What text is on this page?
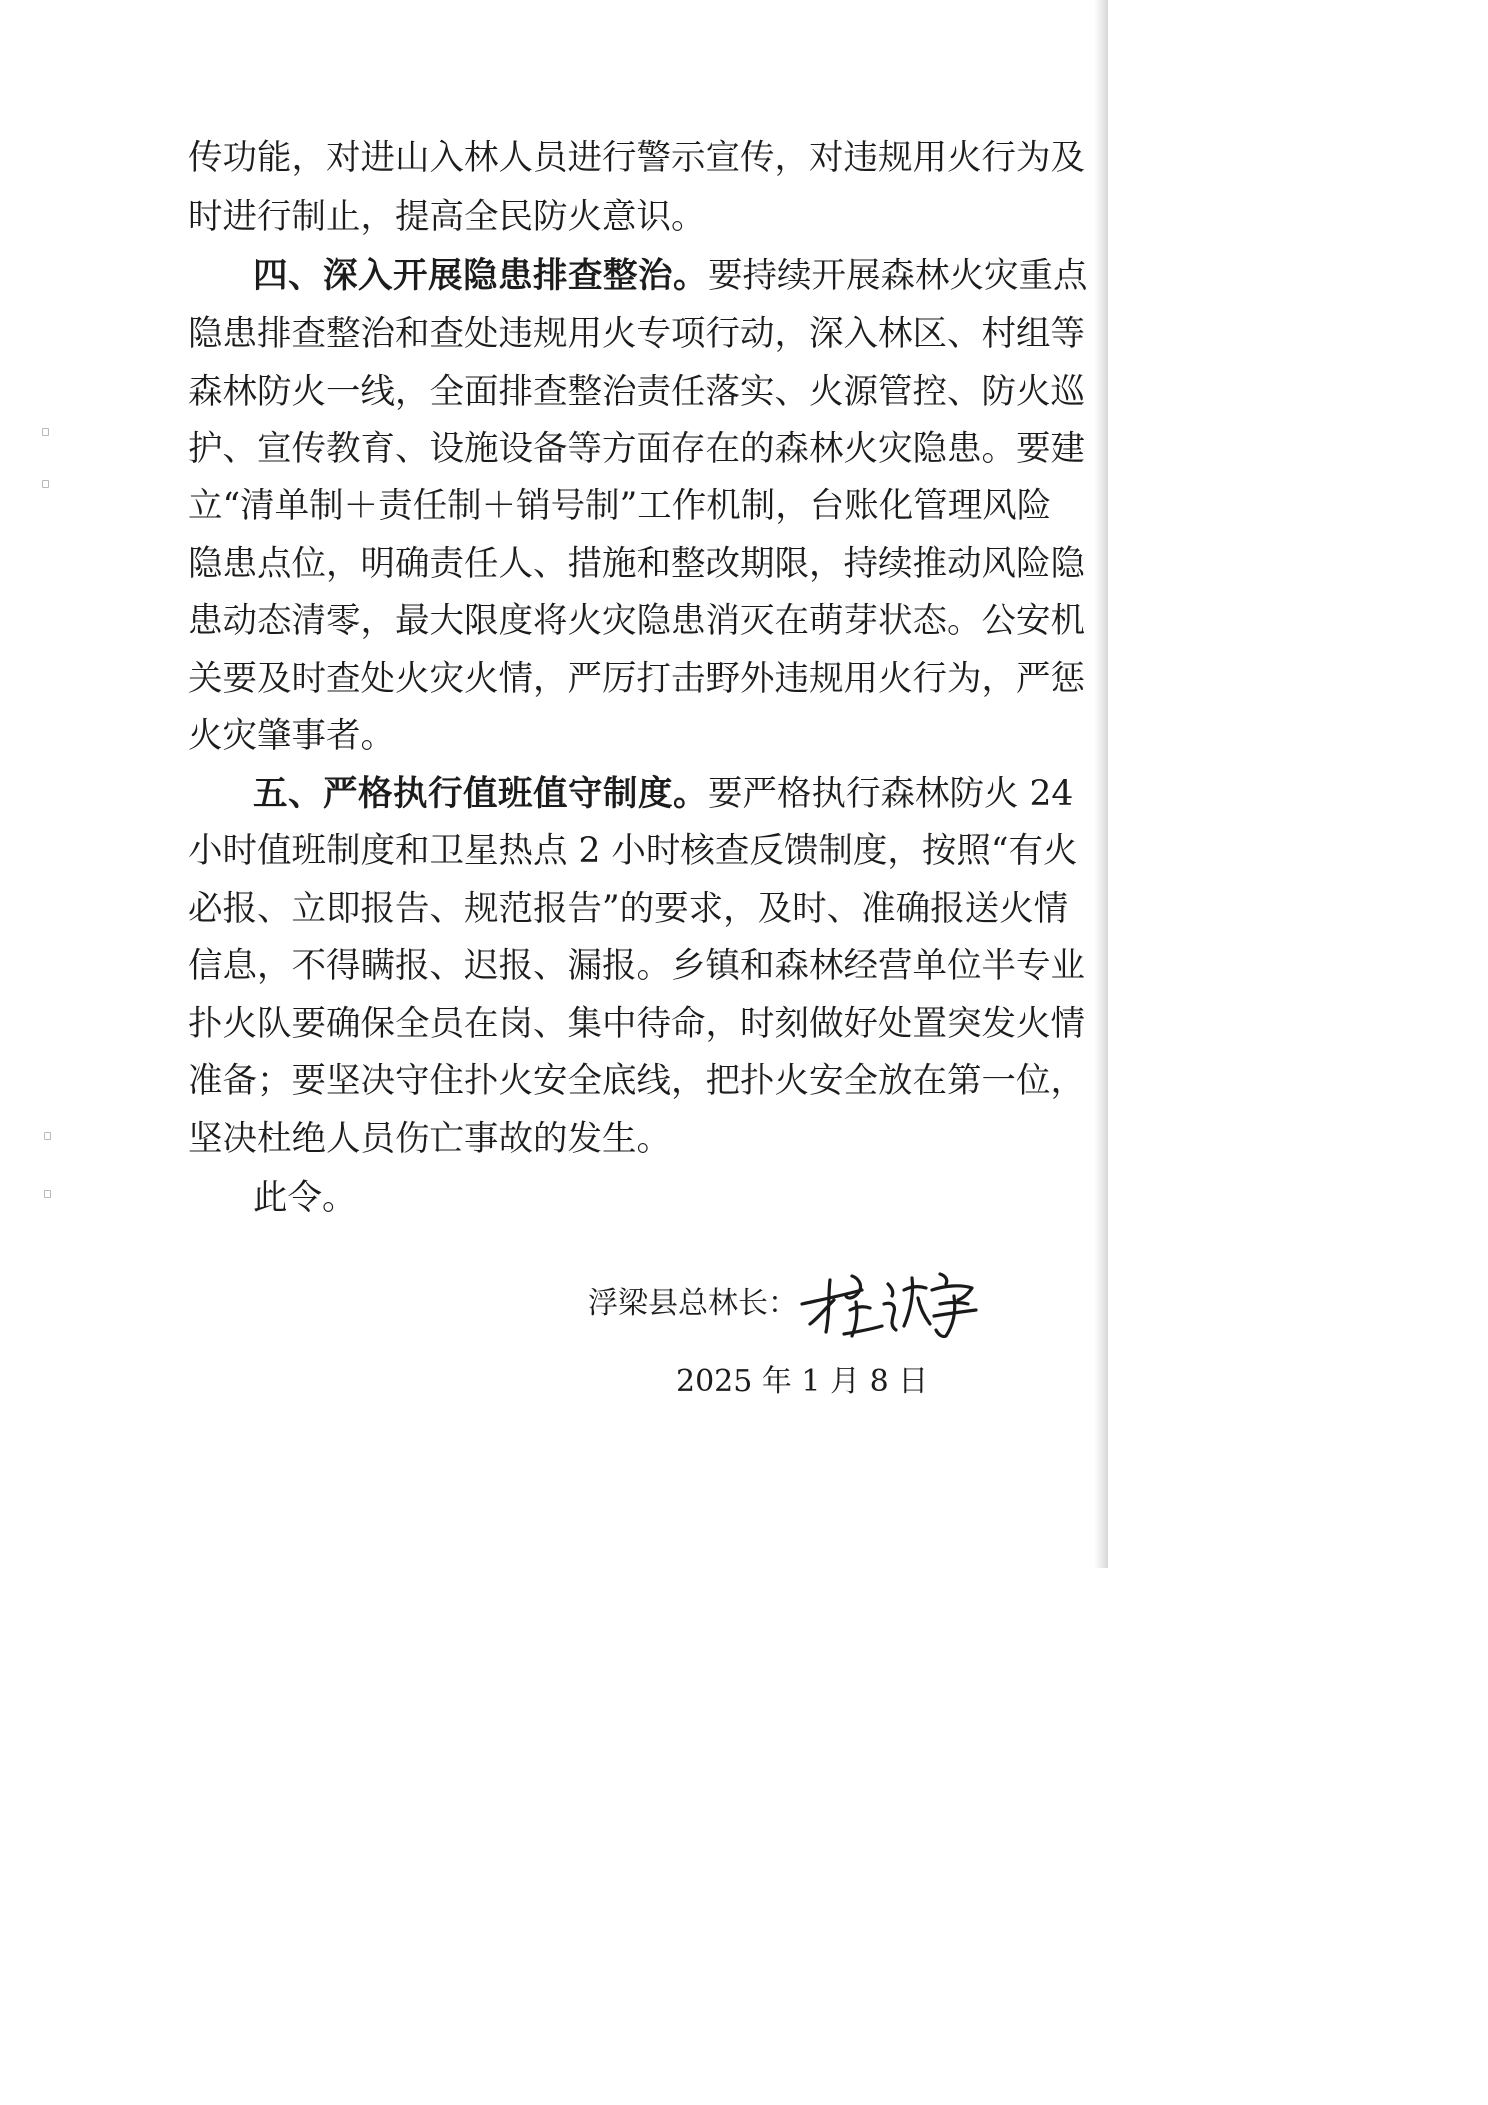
传功能，对进山入林人员进行警示宣传，对违规用火行为及
时进行制止，提高全民防火意识。
四、深入开展隐患排查整治。要持续开展森林火灾重点
隐患排查整治和查处违规用火专项行动，深入林区、村组等
森林防火一线，全面排查整治责任落实、火源管控、防火巡
护、宣传教育、设施设备等方面存在的森林火灾隐患。要建
立“清单制＋责任制＋销号制”工作机制，台账化管理风险
隐患点位，明确责任人、措施和整改期限，持续推动风险隐
患动态清零，最大限度将火灾隐患消灭在萌芽状态。公安机
关要及时查处火灾火情，严厉打击野外违规用火行为，严惩
火灾肇事者。
五、严格执行值班值守制度。要严格执行森林防火 24
小时值班制度和卫星热点 2 小时核查反馈制度，按照“有火
必报、立即报告、规范报告”的要求，及时、准确报送火情
信息，不得瞒报、迟报、漏报。乡镇和森林经营单位半专业
扑火队要确保全员在岗、集中待命，时刻做好处置突发火情
准备；要坚决守住扑火安全底线，把扑火安全放在第一位，
坚决杜绝人员伤亡事故的发生。
此令。
浮梁县总林长：
2025 年 1 月 8 日
